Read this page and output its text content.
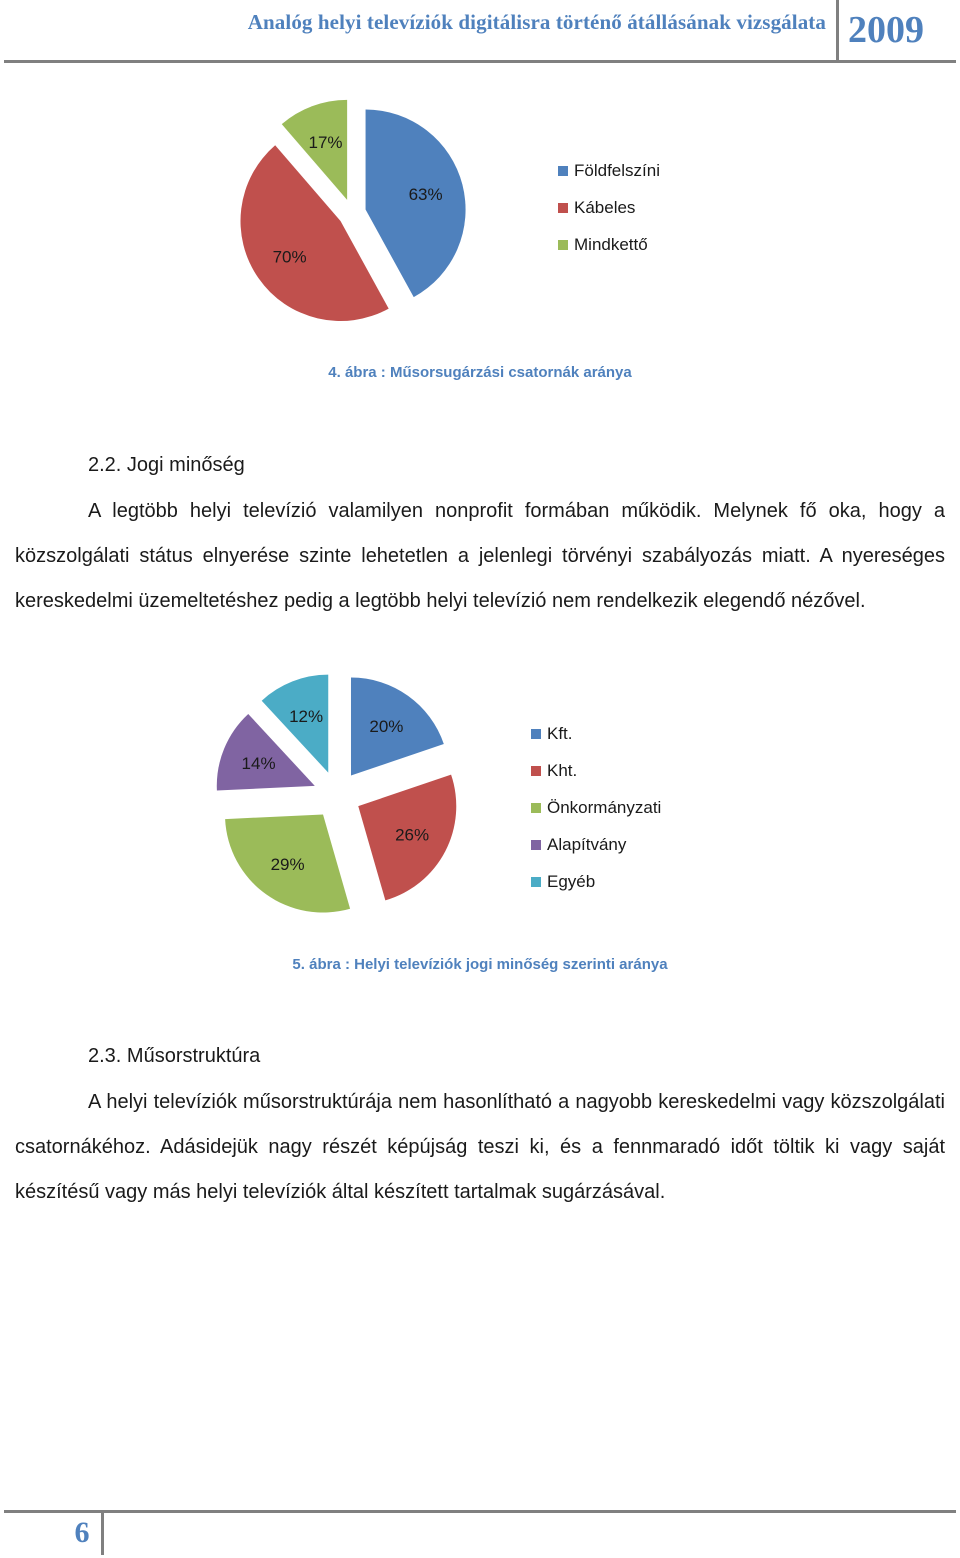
Analóg helyi televíziók digitálisra történő átállásának vizsgálata 2009
63%
70%
17%
Földfelszíni
Kábeles
Mindkettő
4. ábra : Műsorsugárzási csatornák aránya
2.2. Jogi minőség

A legtöbb helyi televízió valamilyen nonprofit formában működik. Melynek fő oka, hogy a közszolgálati státus elnyerése szinte lehetetlen a jelenlegi törvényi szabályozás miatt. A nyereséges kereskedelmi üzemeltetéshez pedig a legtöbb helyi televízió nem rendelkezik elegendő nézővel.

20%
26%
29%
14%
12%
Kft.
Kht.
Önkormányzati
Alapítvány
Egyéb
5. ábra : Helyi televíziók jogi minőség szerinti aránya
2.3. Műsorstruktúra

A helyi televíziók műsorstruktúrája nem hasonlítható a nagyobb kereskedelmi vagy közszolgálati csatornákéhoz. Adásidejük nagy részét képújság teszi ki, és a fennmaradó időt töltik ki vagy saját készítésű vagy más helyi televíziók által készített tartalmak sugárzásával.

6
